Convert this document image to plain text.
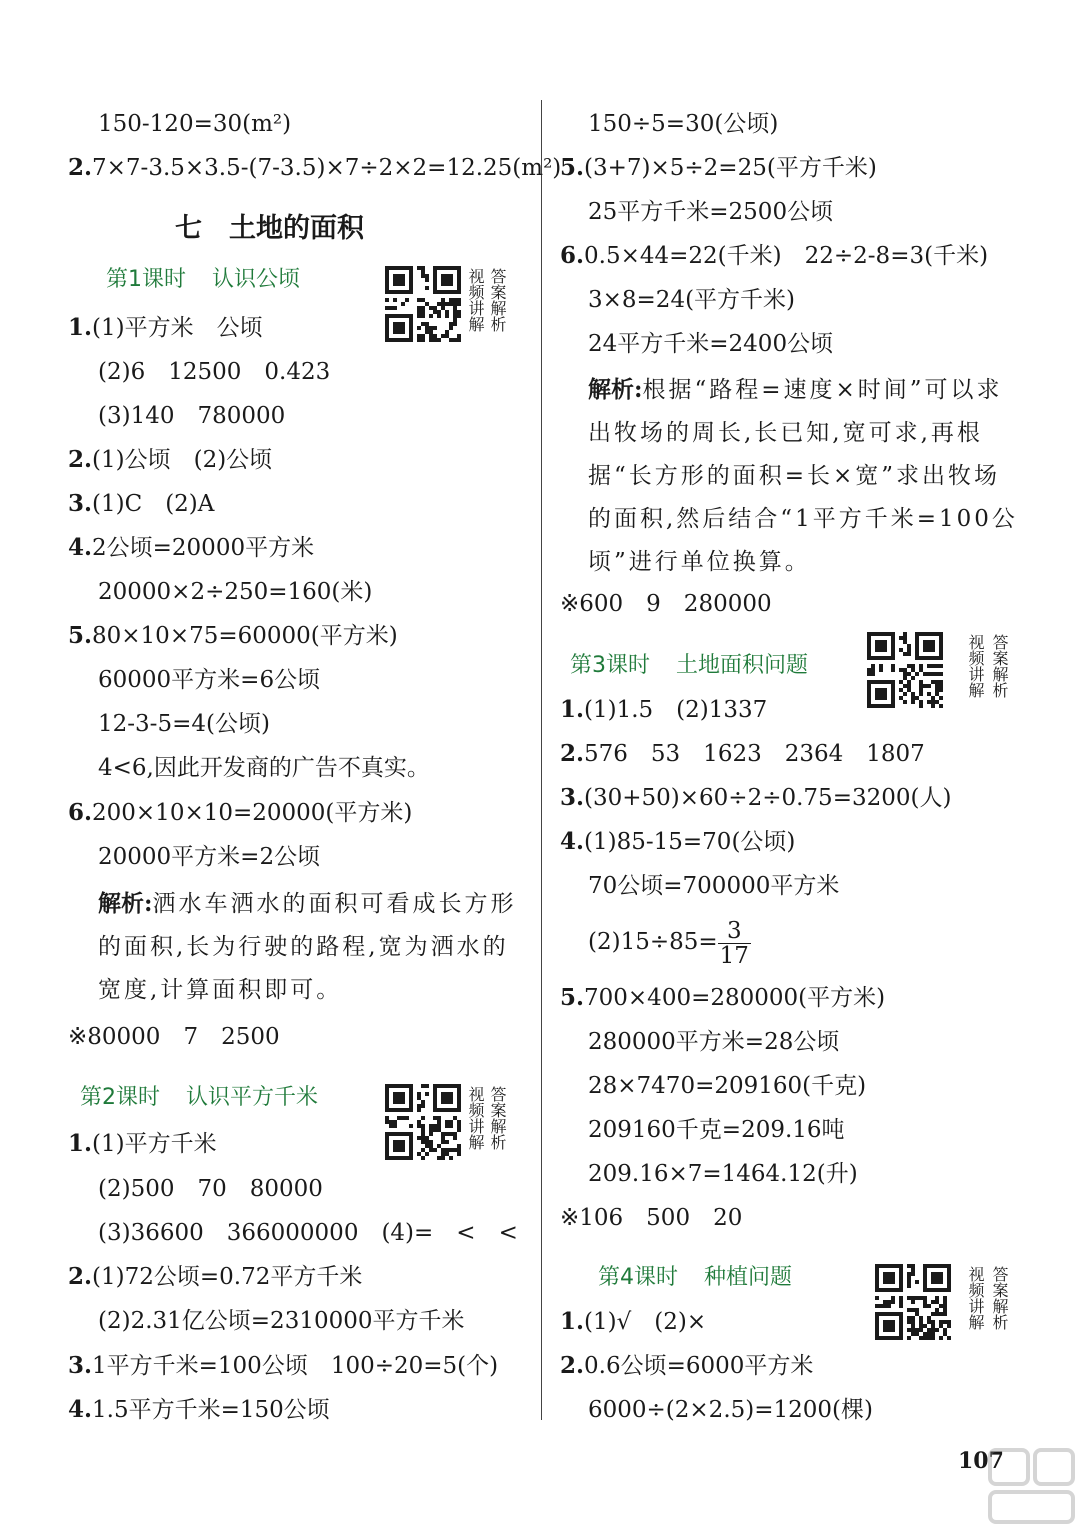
150-120=30(m²)
2.7×7-3.5×3.5-(7-3.5)×7÷2×2=12.25(m²)
七　土地的面积
第1课时 认识公顷	答案解析
视频讲解
1.(1)平方米　公顷
(2)6　12500　0.423
(3)140　780000
2.(1)公顷　(2)公顷
3.(1)C　(2)A
4.2公顷=20000平方米
20000×2÷250=160(米)
5.80×10×75=60000(平方米)
60000平方米=6公顷
12-3-5=4(公顷)
4<6,因此开发商的广告不真实。
6.200×10×10=20000(平方米)
20000平方米=2公顷
解析:洒水车洒水的面积可看成长方形的面积,长为行驶的路程,宽为洒水的宽度,计算面积即可。
※80000　7　2500
第2课时 认识平方千米	答案解析
视频讲解
1.(1)平方千米
(2)500　70　80000
(3)36600　366000000　(4)=　<　<
2.(1)72公顷=0.72平方千米
(2)2.31亿公顷=2310000平方千米
3.1平方千米=100公顷　100÷20=5(个)
4.1.5平方千米=150公顷
150÷5=30(公顷)
5.(3+7)×5÷2=25(平方千米)
25平方千米=2500公顷
6.0.5×44=22(千米)　22÷2-8=3(千米)
3×8=24(平方千米)
24平方千米=2400公顷
解析:根据“路程=速度×时间”可以求出牧场的周长,长已知,宽可求,再根据“长方形的面积=长×宽”求出牧场的面积,然后结合“1平方千米=100公顷”进行单位换算。
※600　9　280000
第3课时 土地面积问题	答案解析
视频讲解
1.(1)1.5　(2)1337
2.576　53　1623　2364　1807
3.(30+50)×60÷2÷0.75=3200(人)
4.(1)85-15=70(公顷)
70公顷=700000平方米
$(2)15\div 85= \frac{3}{17}$
5.700×400=280000(平方米)
280000平方米=28公顷
28×7470=209160(千克)
209160千克=209.16吨
209.16×7=1464.12(升)
※106　500　20
第4课时 种植问题	答案解析
视频讲解
1.(1)√　(2)×
2.0.6公顷=6000平方米
6000÷(2×2.5)=1200(棵)
107
